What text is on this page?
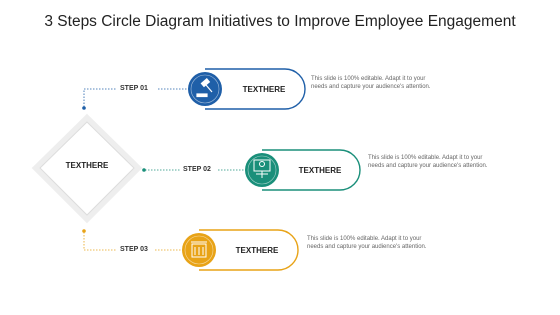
3 Steps Circle Diagram Initiatives to Improve Employee Engagement
TEXTHERE
STEP 01	TEXTHERE
This slide is 100% editable. Adapt it to your
needs and capture your audience's attention.
STEP 02	TEXTHERE
This slide is 100% editable. Adapt it to your
needs and capture your audience's attention.
STEP 03	TEXTHERE
This slide is 100% editable. Adapt it to your
needs and capture your audience's attention.
